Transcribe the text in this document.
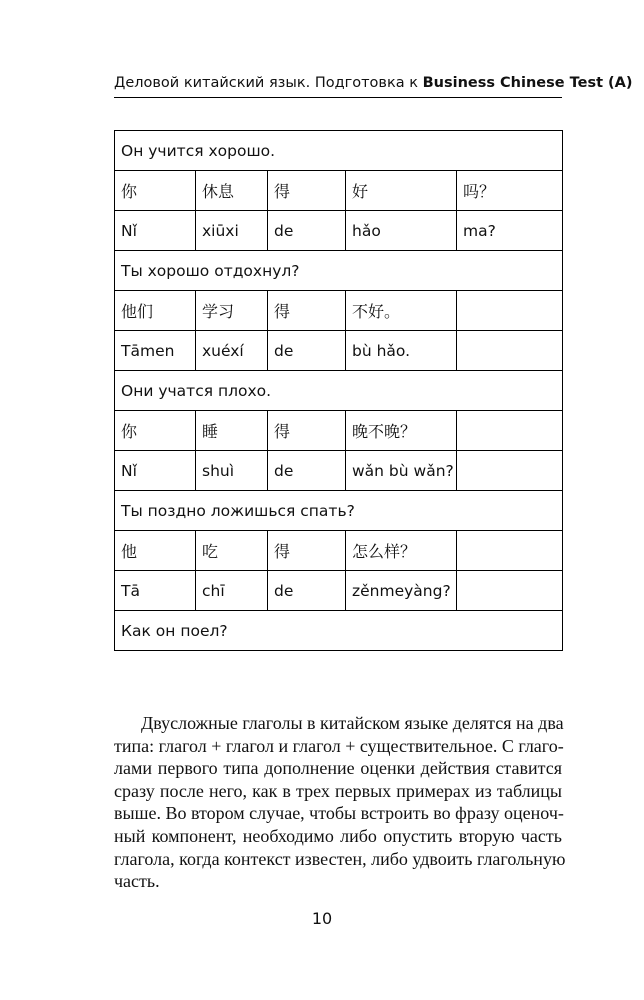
Деловой китайский язык. Подготовка к Business Chinese Test (A)
Он учится хорошо.				
你	休息	得	好	吗？
Nǐ	xiūxi	de	hǎo	ma?
Ты хорошо отдохнул?				
他们	学习	得	不好。	
Tāmen	xuéxí	de	bù hǎo.	
Они учатся плохо.				
你	睡	得	晚不晚？	
Nǐ	shuì	de	wǎn bù wǎn?	
Ты поздно ложишься спать?				
他	吃	得	怎么样？	
Tā	chī	de	zěnmeyàng?	
Как он поел?				
Двусложные глаголы в китайском языке делятся на два
типа: глагол + глагол и глагол + существительное. С глаго-
лами первого типа дополнение оценки действия ставится
сразу после него, как в трех первых примерах из таблицы
выше. Во втором случае, чтобы встроить во фразу оценоч-
ный компонент, необходимо либо опустить вторую часть
глагола, когда контекст известен, либо удвоить глагольную
часть.
10
